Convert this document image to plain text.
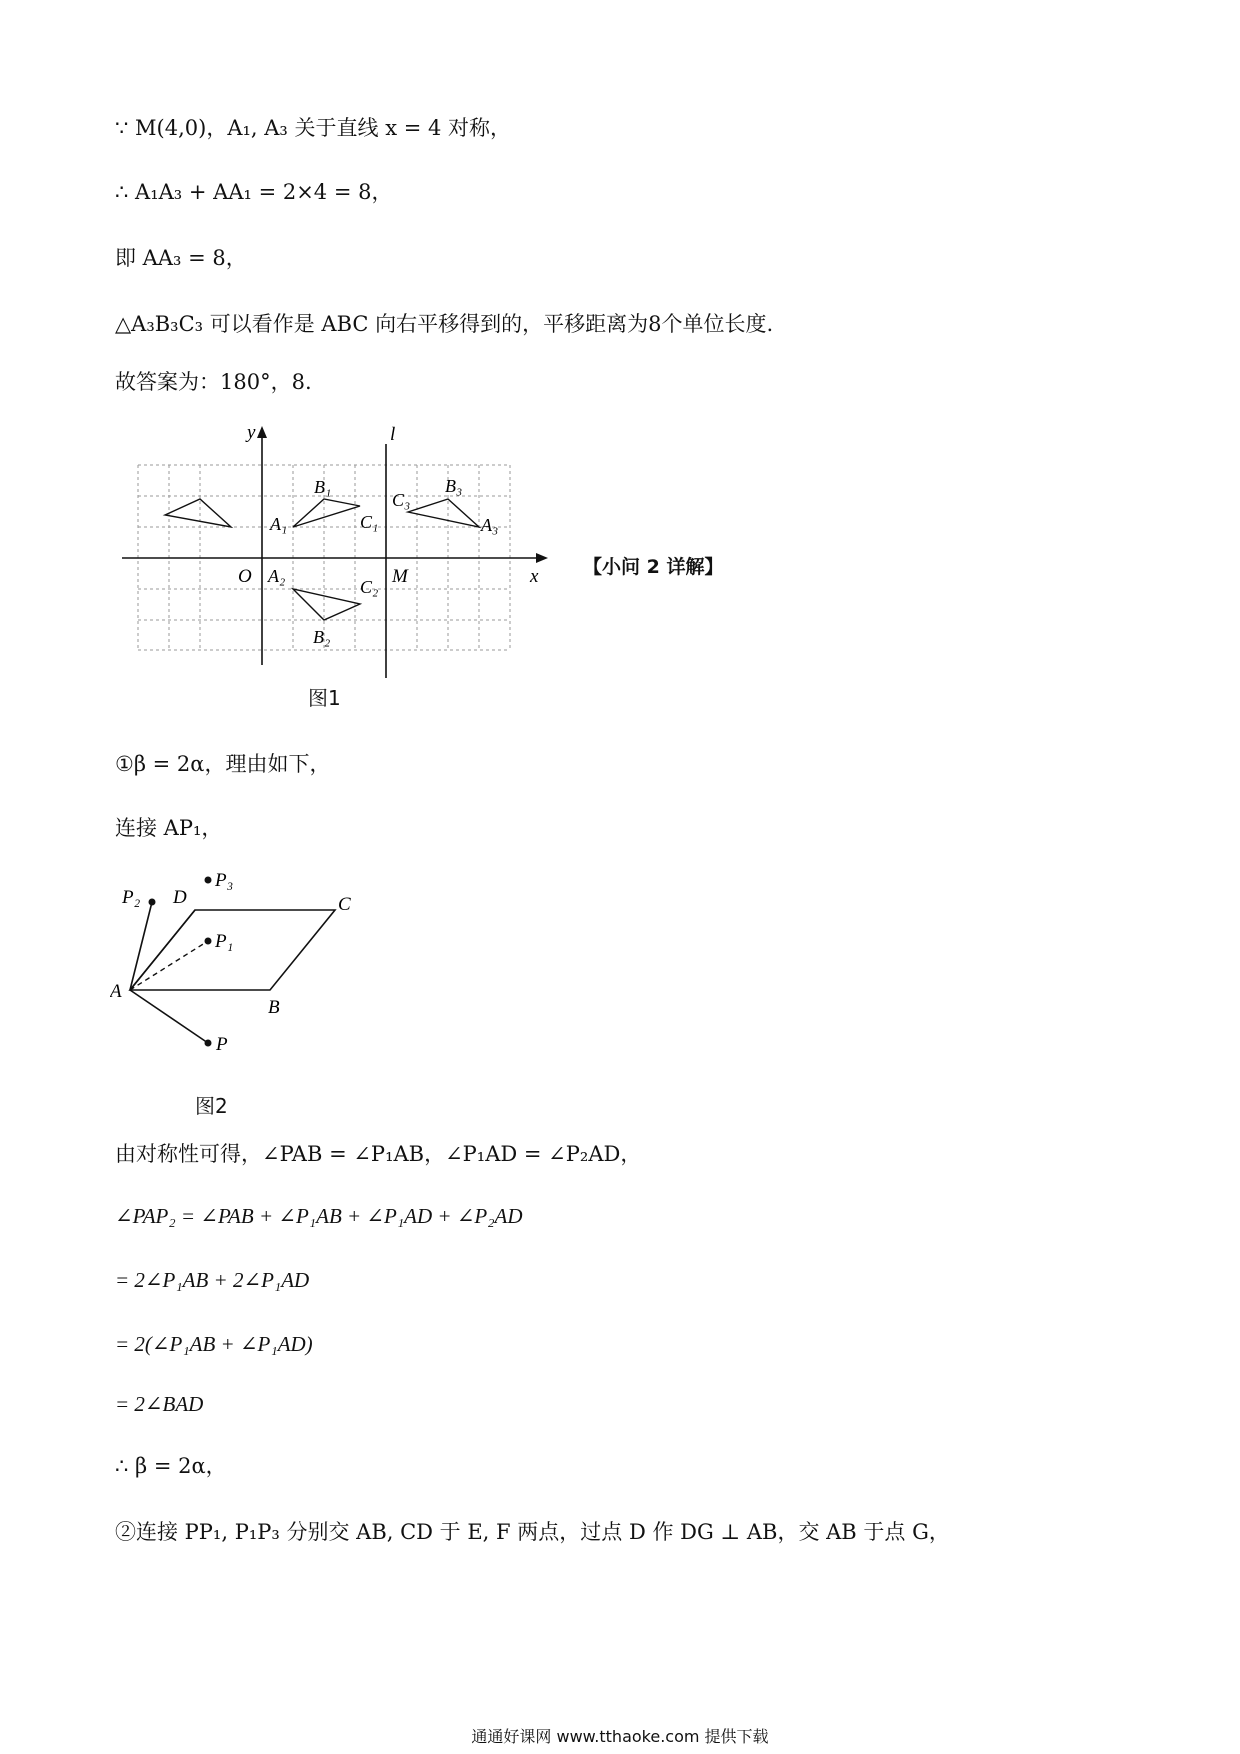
∵ M(4,0)，A₁, A₃ 关于直线 x = 4 对称，
∴ A₁A₃ + AA₁ = 2×4 = 8，
即 AA₃ = 8，
△A₃B₃C₃ 可以看作是 ABC 向右平移得到的，平移距离为8个单位长度.
故答案为：180°，8.
y
x
l
O	M
A₁
B₁
C₁
A₂
B₂
C₂
A₃
B₃
C₃
【小问 2 详解】
图1
①β = 2α，理由如下，
连接 AP₁，
P₂ D
P₃
C
P₁
A
B
P
图2
由对称性可得，∠PAB = ∠P₁AB，∠P₁AD = ∠P₂AD，
∠PAP₂ = ∠PAB + ∠P₁AB + ∠P₁AD + ∠P₂AD
= 2∠P₁AB + 2∠P₁AD
= 2(∠P₁AB + ∠P₁AD)
= 2∠BAD
∴ β = 2α，
②连接 PP₁, P₁P₃ 分别交 AB, CD 于 E, F 两点，过点 D 作 DG ⊥ AB，交 AB 于点 G，
通通好课网 www.tthaoke.com 提供下载
